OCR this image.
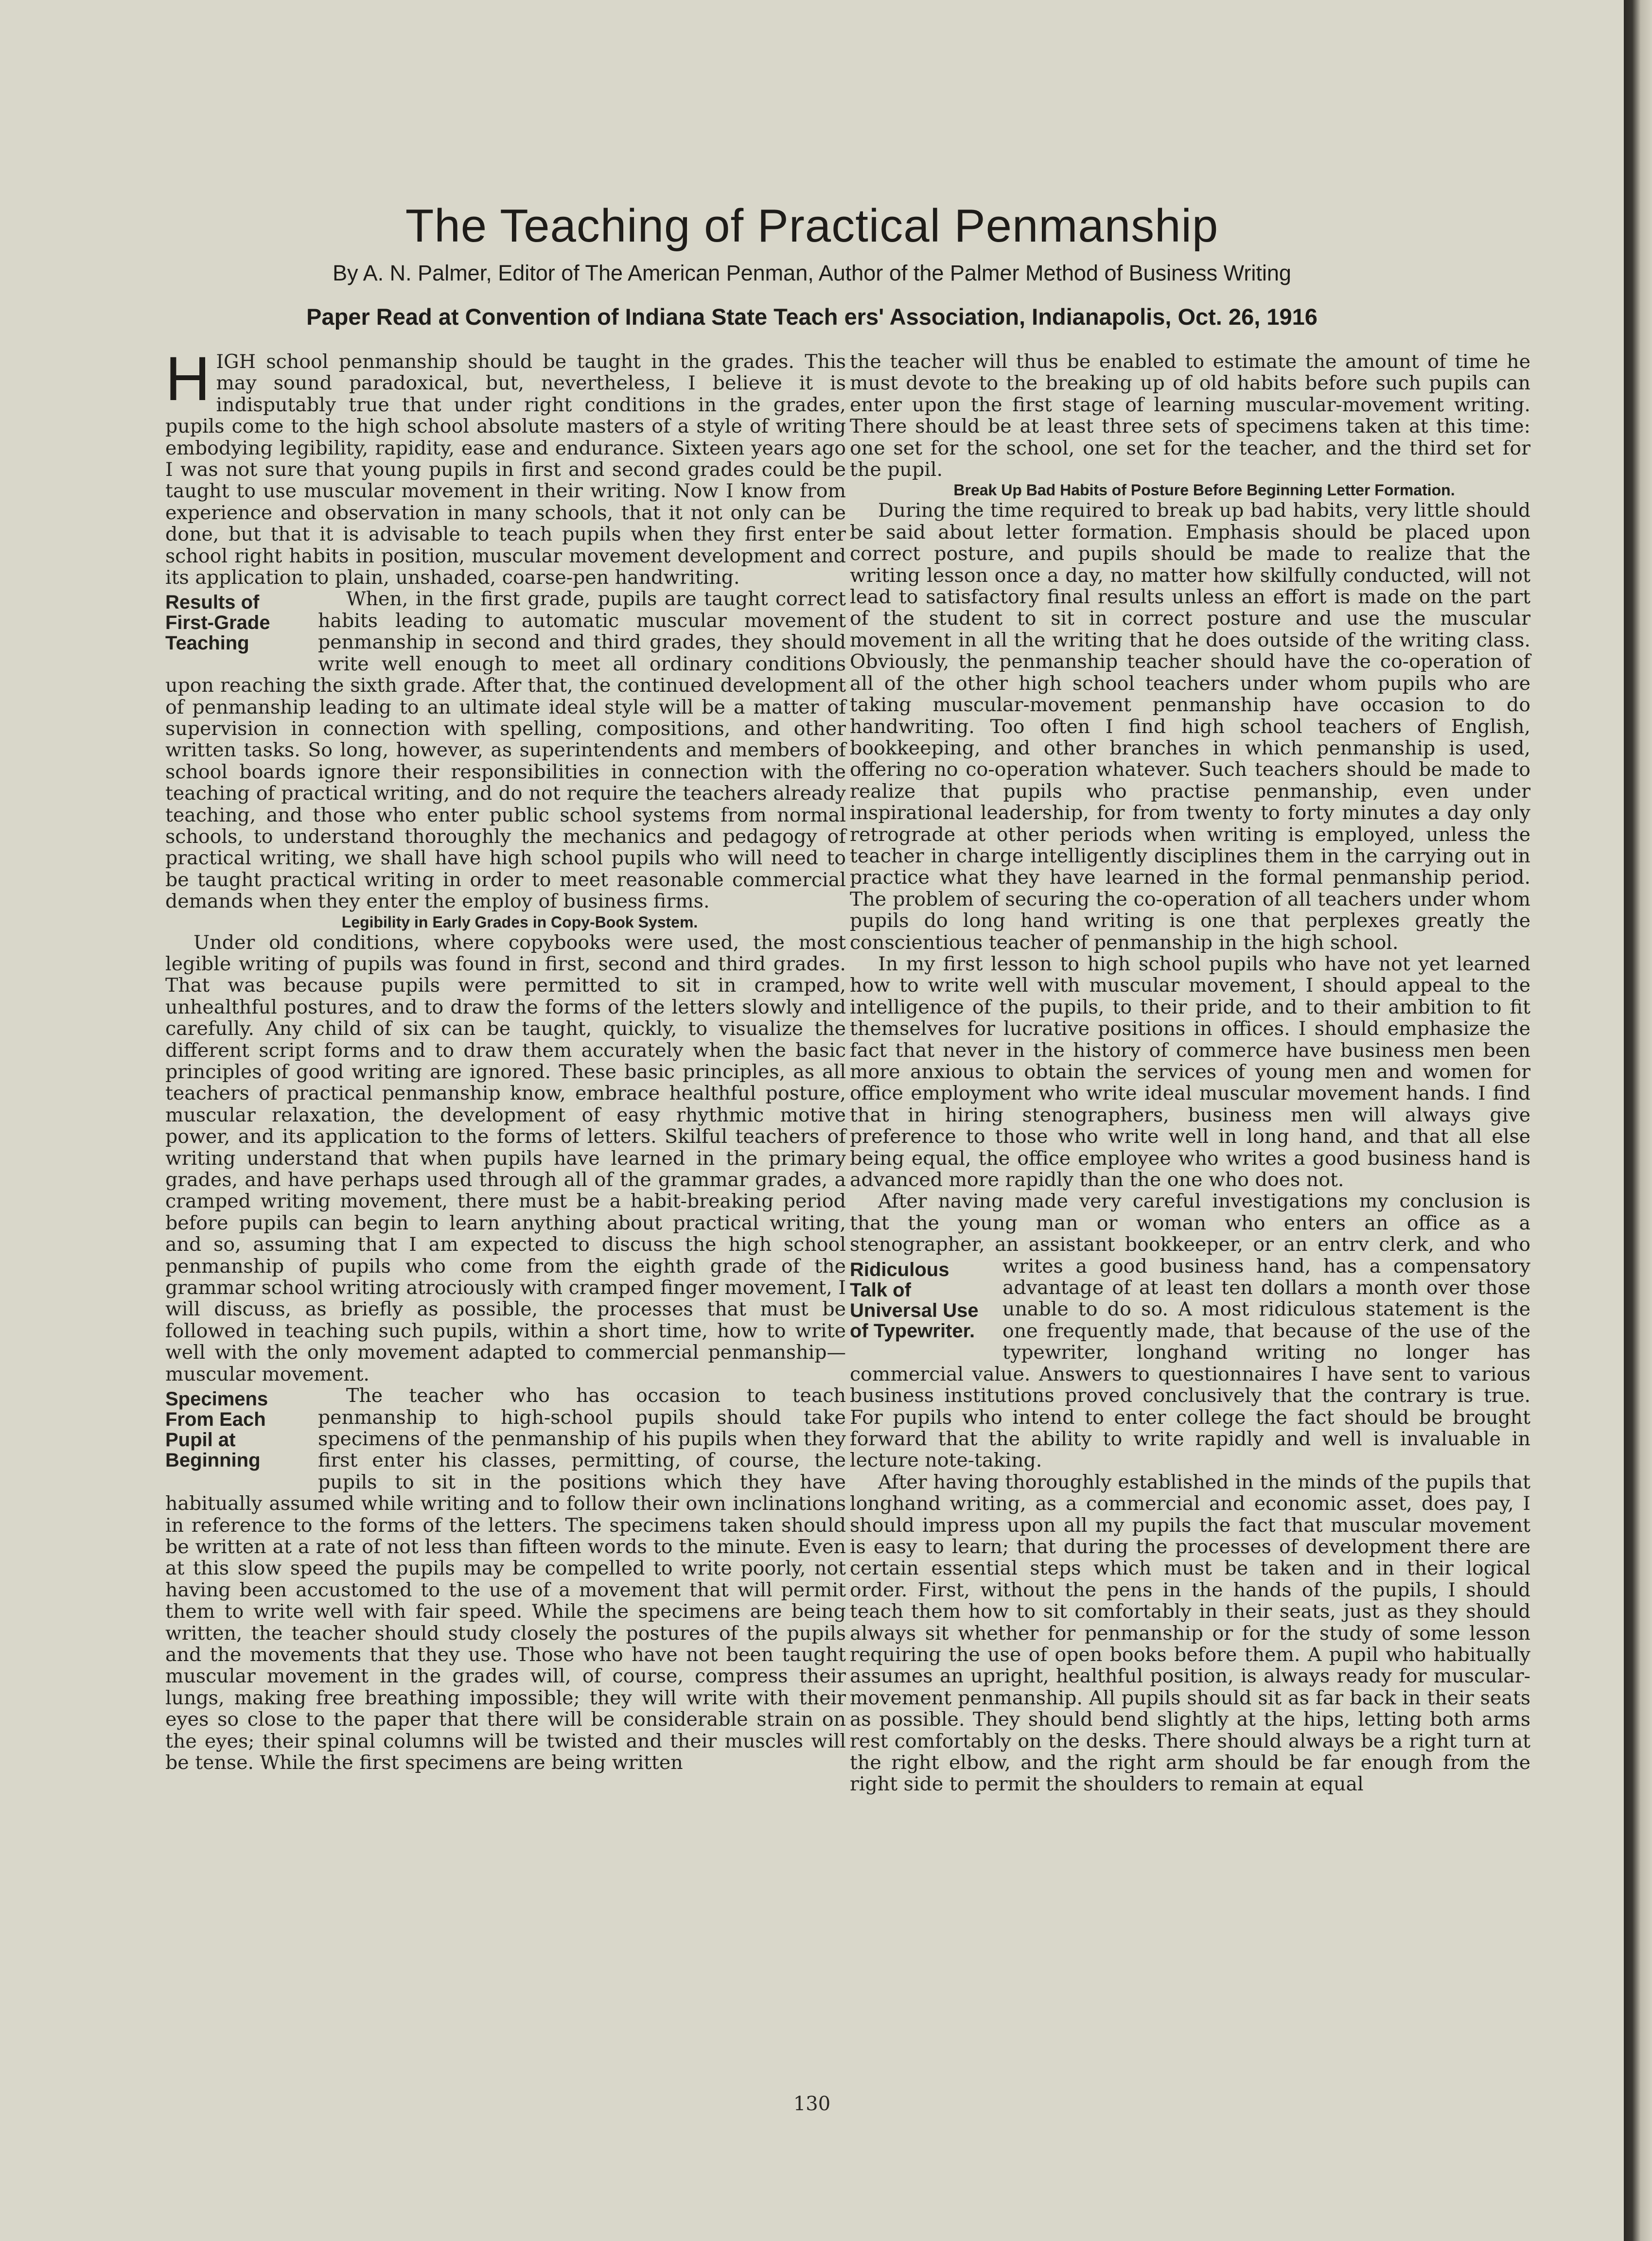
The Teaching of Practical Penmanship
By A. N. Palmer, Editor of The American Penman, Author of the Palmer Method of Business Writing
Paper Read at Convention of Indiana State Teach ers' Association, Indianapolis, Oct. 26, 1916

HIGH school penmanship should be taught in the grades. This may sound paradoxical, but, nevertheless, I believe it is indisputably true that under right conditions in the grades, pupils come to the high school absolute masters of a style of writing embodying legibility, rapidity, ease and endurance. Sixteen years ago I was not sure that young pupils in first and second grades could be taught to use muscular movement in their writing. Now I know from experience and observation in many schools, that it not only can be done, but that it is advisable to teach pupils when they first enter school right habits in position, muscular movement development and its application to plain, unshaded, coarse-pen handwriting.

Results of First-Grade Teaching
When, in the first grade, pupils are taught correct habits leading to automatic muscular movement penmanship in second and third grades, they should write well enough to meet all ordinary conditions upon reaching the sixth grade. After that, the continued development of penmanship leading to an ultimate ideal style will be a matter of supervision in connection with spelling, compositions, and other written tasks. So long, however, as superintendents and members of school boards ignore their responsibilities in connection with the teaching of practical writing, and do not require the teachers already teaching, and those who enter public school systems from normal schools, to understand thoroughly the mechanics and pedagogy of practical writing, we shall have high school pupils who will need to be taught practical writing in order to meet reasonable commercial demands when they enter the employ of business firms.

Legibility in Early Grades in Copy-Book System.

Under old conditions, where copybooks were used, the most legible writing of pupils was found in first, second and third grades. That was because pupils were permitted to sit in cramped, unhealthful postures, and to draw the forms of the letters slowly and carefully. Any child of six can be taught, quickly, to visualize the different script forms and to draw them accurately when the basic principles of good writing are ignored. These basic principles, as all teachers of practical penmanship know, embrace healthful posture, muscular relaxation, the development of easy rhythmic motive power, and its application to the forms of letters. Skilful teachers of writing understand that when pupils have learned in the primary grades, and have perhaps used through all of the grammar grades, a cramped writing movement, there must be a habit-breaking period before pupils can begin to learn anything about practical writing, and so, assuming that I am expected to discuss the high school penmanship of pupils who come from the eighth grade of the grammar school writing atrociously with cramped finger movement, I will discuss, as briefly as possible, the processes that must be followed in teaching such pupils, within a short time, how to write well with the only movement adapted to commercial penmanship—muscular movement.

Specimens From Each Pupil at Beginning
The teacher who has occasion to teach penmanship to high-school pupils should take specimens of the penmanship of his pupils when they first enter his classes, permitting, of course, the pupils to sit in the positions which they have habitually assumed while writing and to follow their own inclinations in reference to the forms of the letters. The specimens taken should be written at a rate of not less than fifteen words to the minute. Even at this slow speed the pupils may be compelled to write poorly, not having been accustomed to the use of a movement that will permit them to write well with fair speed. While the specimens are being written, the teacher should study closely the postures of the pupils and the movements that they use. Those who have not been taught muscular movement in the grades will, of course, compress their lungs, making free breathing impossible; they will write with their eyes so close to the paper that there will be considerable strain on the eyes; their spinal columns will be twisted and their muscles will be tense. While the first specimens are being written

the teacher will thus be enabled to estimate the amount of time he must devote to the breaking up of old habits before such pupils can enter upon the first stage of learning muscular-movement writing. There should be at least three sets of specimens taken at this time: one set for the school, one set for the teacher, and the third set for the pupil.

Break Up Bad Habits of Posture Before Beginning Letter Formation.

During the time required to break up bad habits, very little should be said about letter formation. Emphasis should be placed upon correct posture, and pupils should be made to realize that the writing lesson once a day, no matter how skilfully conducted, will not lead to satisfactory final results unless an effort is made on the part of the student to sit in correct posture and use the muscular movement in all the writing that he does outside of the writing class. Obviously, the penmanship teacher should have the co-operation of all of the other high school teachers under whom pupils who are taking muscular-movement penmanship have occasion to do handwriting. Too often I find high school teachers of English, bookkeeping, and other branches in which penmanship is used, offering no co-operation whatever. Such teachers should be made to realize that pupils who practise penmanship, even under inspirational leadership, for from twenty to forty minutes a day only retrograde at other periods when writing is employed, unless the teacher in charge intelligently disciplines them in the carrying out in practice what they have learned in the formal penmanship period. The problem of securing the co-operation of all teachers under whom pupils do long hand writing is one that perplexes greatly the conscientious teacher of penmanship in the high school.

In my first lesson to high school pupils who have not yet learned how to write well with muscular movement, I should appeal to the intelligence of the pupils, to their pride, and to their ambition to fit themselves for lucrative positions in offices. I should emphasize the fact that never in the history of commerce have business men been more anxious to obtain the services of young men and women for office employment who write ideal muscular movement hands. I find that in hiring stenographers, business men will always give preference to those who write well in long hand, and that all else being equal, the office employee who writes a good business hand is advanced more rapidly than the one who does not.

After naving made very careful investigations my conclusion is that the young man or woman who enters an office as a stenographer, an assistant bookkeeper, or an entrv clerk, and who writes a good business hand, has a compensatory
Ridiculous Talk of Universal Use of Typewriter.
advantage of at least ten dollars a month over those unable to do so. A most ridiculous statement is the one frequently made, that because of the use of the typewriter, longhand writing no longer has commercial value. Answers to questionnaires I have sent to various business institutions proved conclusively that the contrary is true. For pupils who intend to enter college the fact should be brought forward that the ability to write rapidly and well is invaluable in lecture note-taking.

After having thoroughly established in the minds of the pupils that longhand writing, as a commercial and economic asset, does pay, I should impress upon all my pupils the fact that muscular movement is easy to learn; that during the processes of development there are certain essential steps which must be taken and in their logical order. First, without the pens in the hands of the pupils, I should teach them how to sit comfortably in their seats, just as they should always sit whether for penmanship or for the study of some lesson requiring the use of open books before them. A pupil who habitually assumes an upright, healthful position, is always ready for muscular-movement penmanship. All pupils should sit as far back in their seats as possible. They should bend slightly at the hips, letting both arms rest comfortably on the desks. There should always be a right turn at the right elbow, and the right arm should be far enough from the right side to permit the shoulders to remain at equal

130
